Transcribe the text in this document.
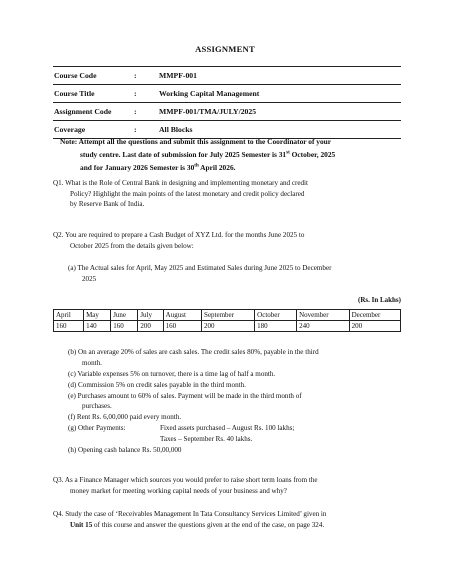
ASSIGNMENT
Course Code	:	MMPF-001
Course Title	:	Working Capital Management
Assignment Code	:	MMPF-001/TMA/JULY/2025
Coverage	:	All Blocks
Note: Attempt all the questions and submit this assignment to the Coordinator of your
study centre. Last date of submission for July 2025 Semester is 31st October, 2025
and for January 2026 Semester is 30th April 2026.
Q1. What is the Role of Central Bank in designing and implementing monetary and credit
Policy? Highlight the main points of the latest monetary and credit policy declared
by Reserve Bank of India.
Q2. You are required to prepare a Cash Budget of XYZ Ltd. for the months June 2025 to
October 2025 from the details given below:
(a) The Actual sales for April, May 2025 and Estimated Sales during June 2025 to December
2025
(Rs. In Lakhs)
April	May	June	July	August	September	October	November	December
160	140	160	200	160	200	180	240	200
(b) On an average 20% of sales are cash sales. The credit sales 80%, payable in the third
month.
(c) Variable expenses 5% on turnover, there is a time lag of half a month.
(d) Commission 5% on credit sales payable in the third month.
(e) Purchases amount to 60% of sales. Payment will be made in the third month of
purchases.
(f) Rent Rs. 6,00,000 paid every month.
(g) Other Payments:	Fixed assets purchased – August Rs. 100 lakhs;
Taxes – September Rs. 40 lakhs.
(h) Opening cash balance Rs. 50,00,000
Q3. As a Finance Manager which sources you would prefer to raise short term loans from the
money market for meeting working capital needs of your business and why?
Q4. Study the case of ‘Receivables Management In Tata Consultancy Services Limited’ given in
Unit 15 of this course and answer the questions given at the end of the case, on page 324.
